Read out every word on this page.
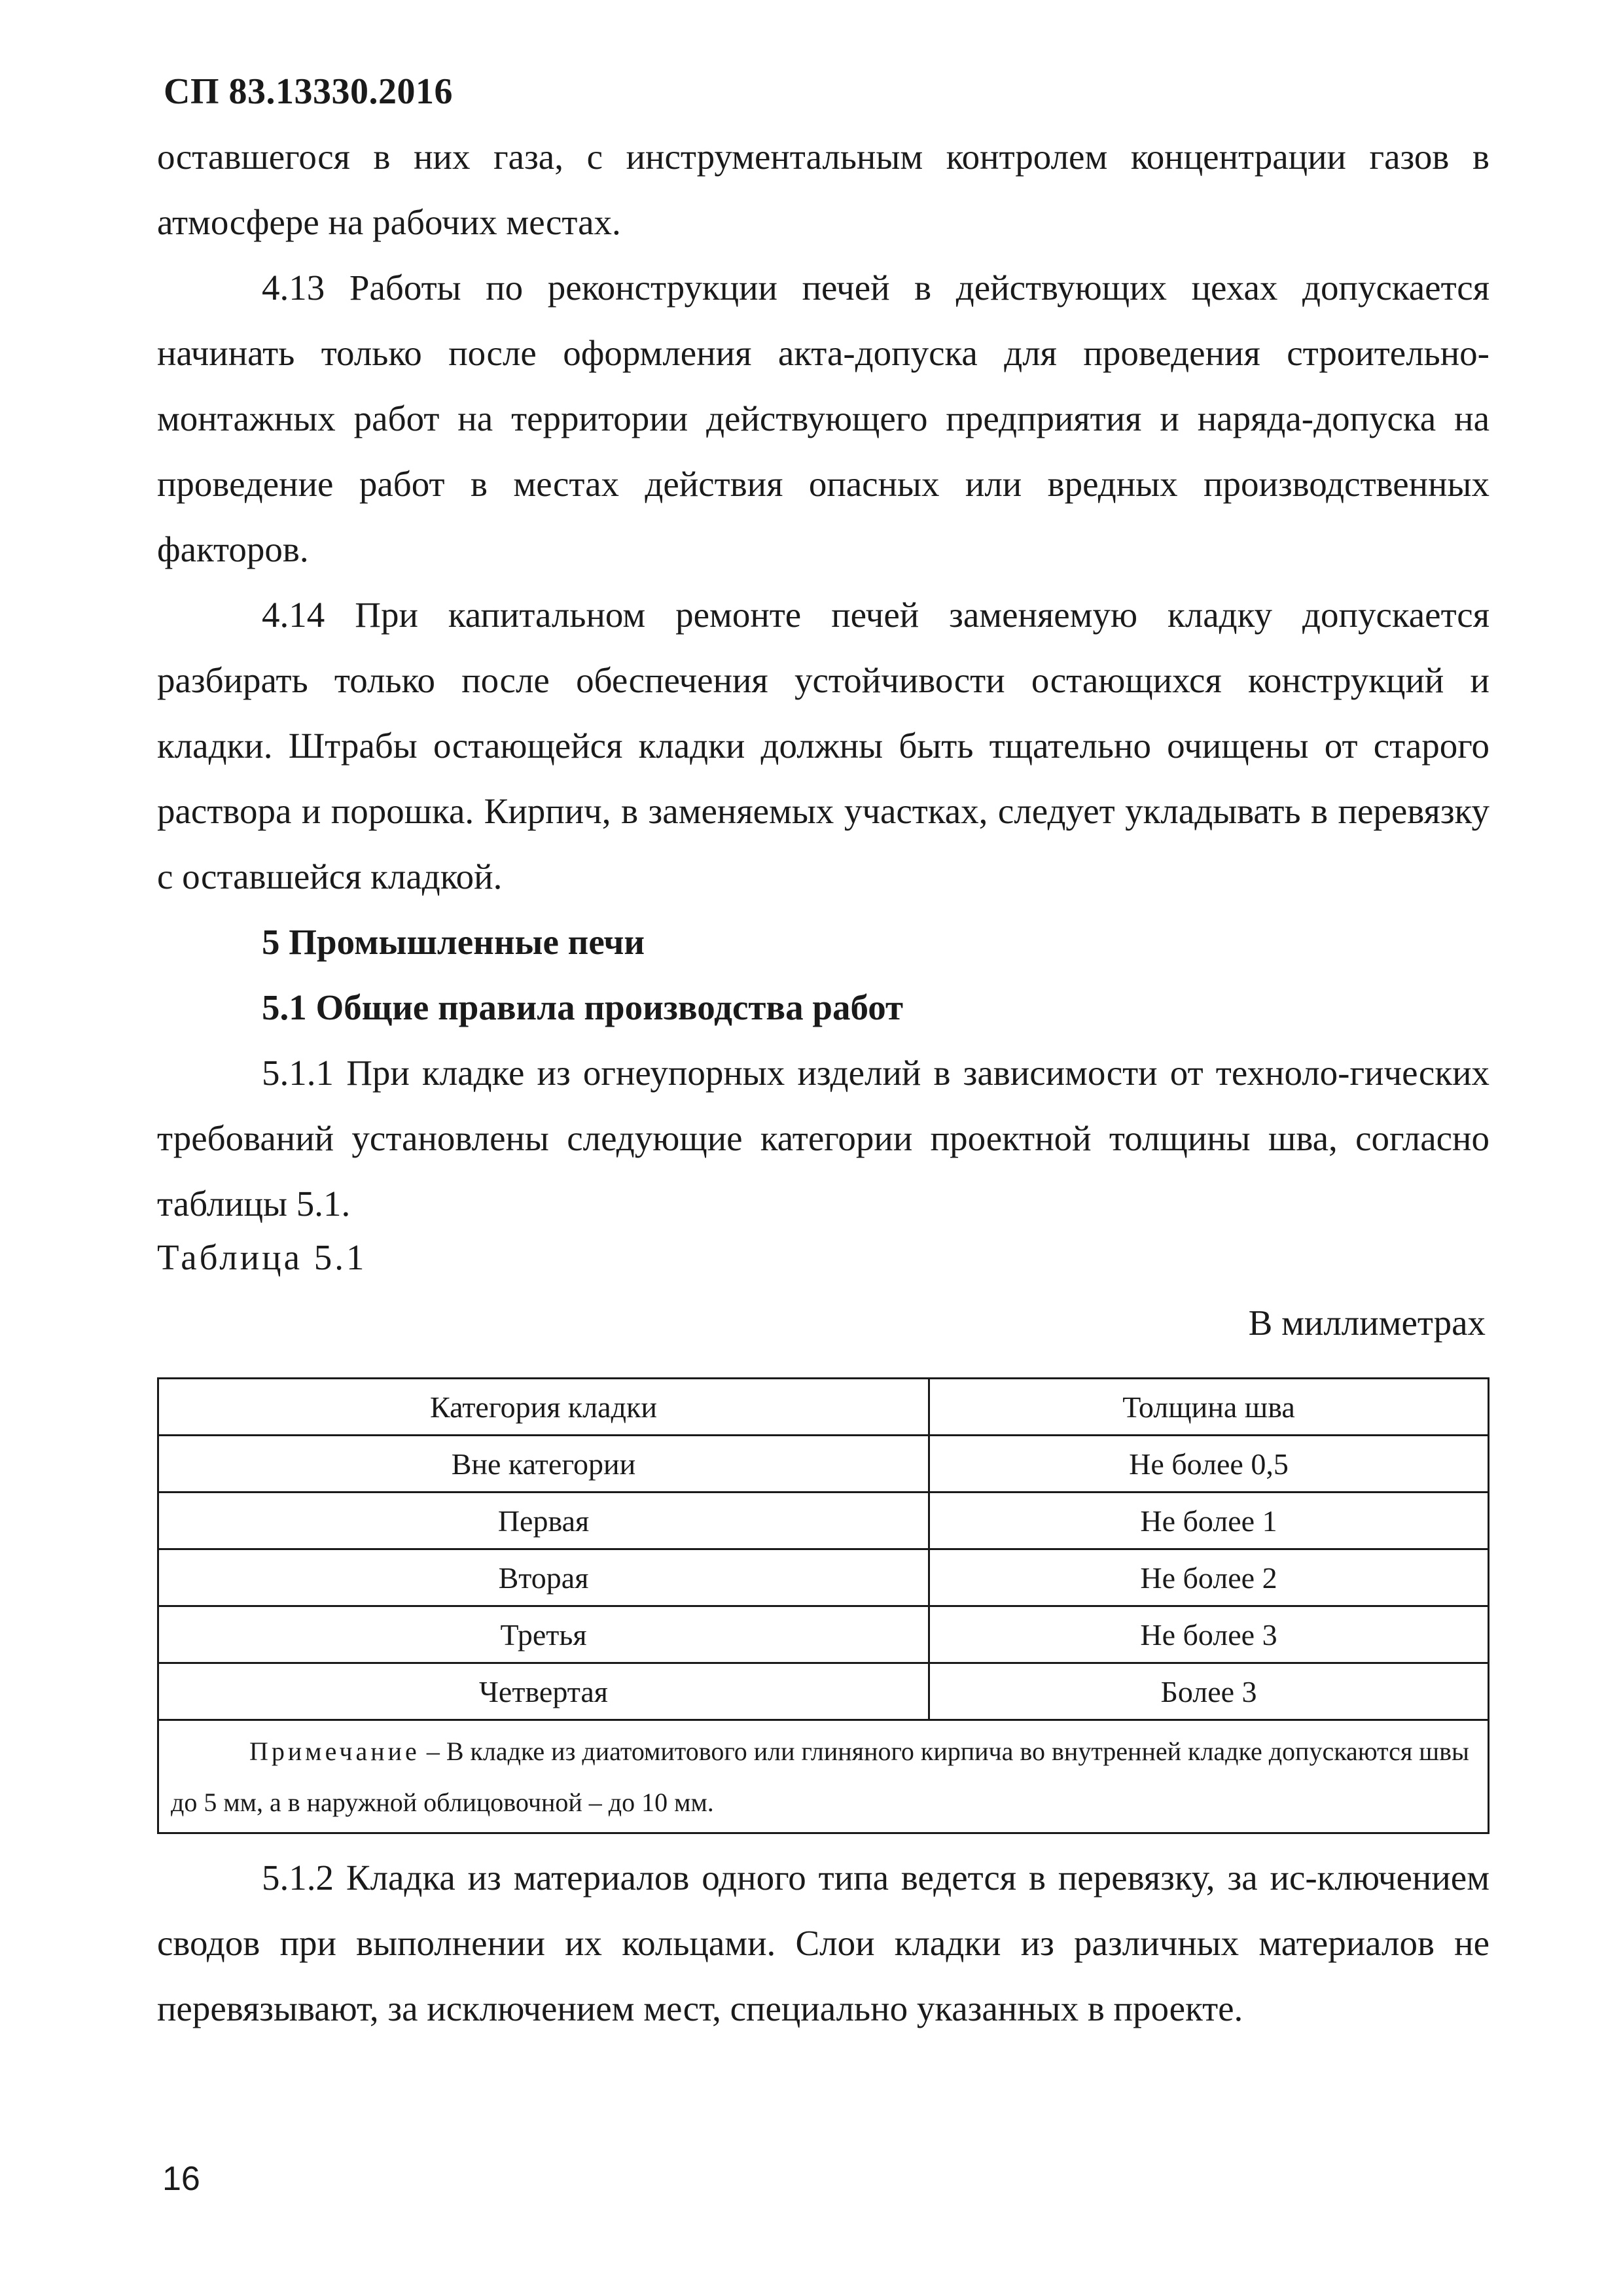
СП 83.13330.2016
оставшегося в них газа, с инструментальным контролем концентрации газов в атмосфере на рабочих местах.
4.13 Работы по реконструкции печей в действующих цехах допускается начинать только после оформления акта-допуска для проведения строительно-монтажных работ на территории действующего предприятия и наряда-допуска на проведение работ в местах действия опасных или вредных производственных факторов.
4.14 При капитальном ремонте печей заменяемую кладку допускается разбирать только после обеспечения устойчивости остающихся конструкций и кладки. Штрабы остающейся кладки должны быть тщательно очищены от старого раствора и порошка. Кирпич, в заменяемых участках, следует укладывать в перевязку с оставшейся кладкой.
5 Промышленные печи
5.1 Общие правила производства работ
5.1.1 При кладке из огнеупорных изделий в зависимости от техноло-гических требований установлены следующие категории проектной толщины шва, согласно таблицы 5.1.
Таблица 5.1
В миллиметрах
Категория кладки	Толщина шва
Вне категории	Не более 0,5
Первая	Не более 1
Вторая	Не более 2
Третья	Не более 3
Четвертая	Более 3
Примечание – В кладке из диатомитового или глиняного кирпича во внутренней кладке допускаются швы до 5 мм, а в наружной облицовочной – до 10 мм.	
5.1.2 Кладка из материалов одного типа ведется в перевязку, за ис-ключением сводов при выполнении их кольцами. Слои кладки из различных материалов не перевязывают, за исключением мест, специально указанных в проекте.
16
